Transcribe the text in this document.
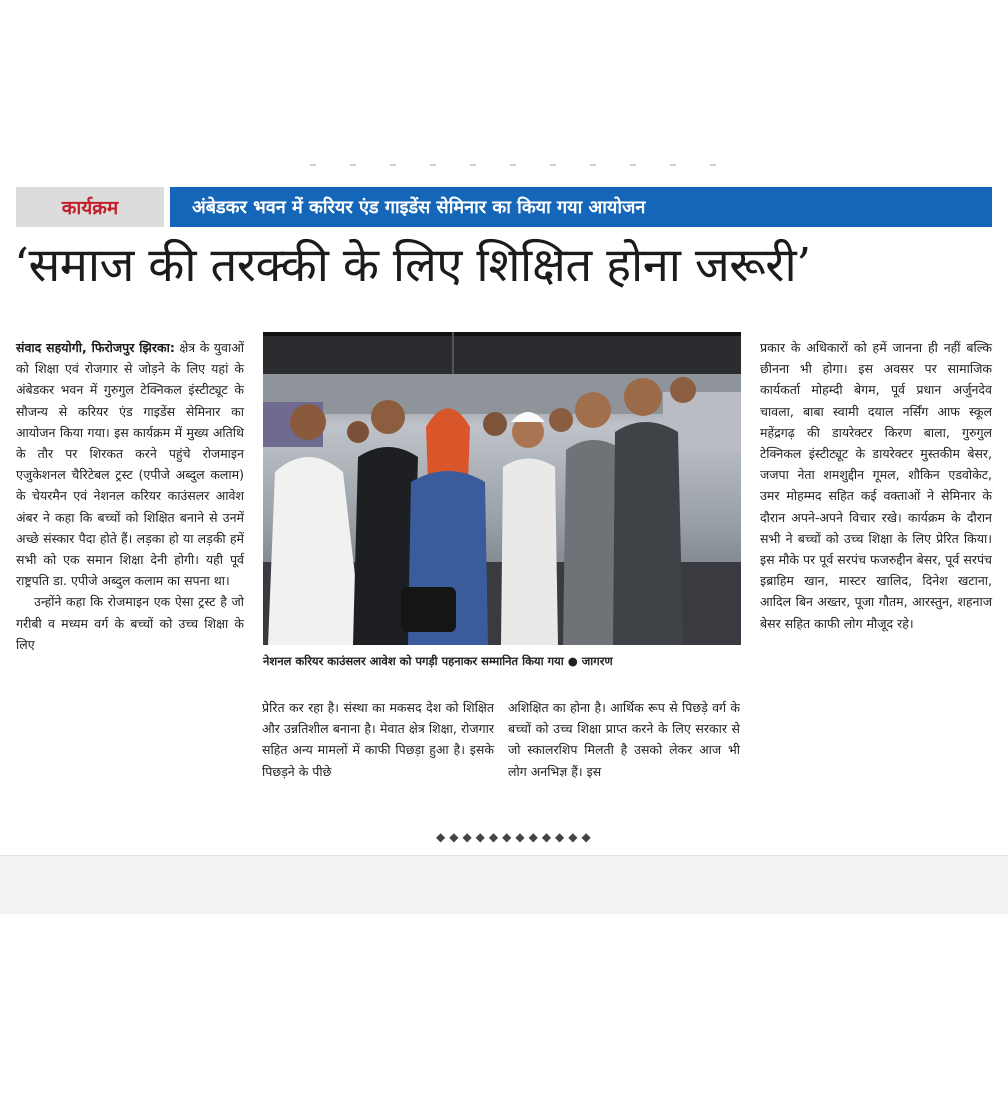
कार्यक्रम	अंबेडकर भवन में करियर एंड गाइडेंस सेमिनार का किया गया आयोजन
‘समाज की तरक्की के लिए शिक्षित होना जरूरी’

संवाद सहयोगी, फिरोजपुर झिरका: क्षेत्र के युवाओं को शिक्षा एवं रोजगार से जोड़ने के लिए यहां के अंबेडकर भवन में गुरुगुल टेक्निकल इंस्टीट्यूट के सौजन्य से करियर एंड गाइडेंस सेमिनार का आयोजन किया गया। इस कार्यक्रम में मुख्य अतिथि के तौर पर शिरकत करने पहुंचे रोजमाइन एजुकेशनल चैरिटेबल ट्रस्ट (एपीजे अब्दुल कलाम) के चेयरमैन एवं नेशनल करियर काउंसलर आवेश अंबर ने कहा कि बच्चों को शिक्षित बनाने से उनमें अच्छे संस्कार पैदा होते हैं। लड़का हो या लड़की हमें सभी को एक समान शिक्षा देनी होगी। यही पूर्व राष्ट्रपति डा. एपीजे अब्दुल कलाम का सपना था।

उन्होंने कहा कि रोजमाइन एक ऐसा ट्रस्ट है जो गरीबी व मध्यम वर्ग के बच्चों को उच्च शिक्षा के लिए

नेशनल करियर काउंसलर आवेश को पगड़ी पहनाकर सम्मानित किया गया ● जागरण
प्रेरित कर रहा है। संस्था का मकसद देश को शिक्षित और उन्नतिशील बनाना है। मेवात क्षेत्र शिक्षा, रोजगार सहित अन्य मामलों में काफी पिछड़ा हुआ है। इसके पिछड़ने के पीछे
अशिक्षित का होना है। आर्थिक रूप से पिछड़े वर्ग के बच्चों को उच्च शिक्षा प्राप्त करने के लिए सरकार से जो स्कालरशिप मिलती है उसको लेकर आज भी लोग अनभिज्ञ हैं। इस
प्रकार के अधिकारों को हमें जानना ही नहीं बल्कि छीनना भी होगा। इस अवसर पर सामाजिक कार्यकर्ता मोहम्दी बेगम, पूर्व प्रधान अर्जुनदेव चावला, बाबा स्वामी दयाल नर्सिंग आफ स्कूल महेंद्रगढ़ की डायरेक्टर किरण बाला, गुरुगुल टेक्निकल इंस्टीट्यूट के डायरेक्टर मुस्तकीम बेसर, जजपा नेता शमशुद्दीन गूमल, शौकिन एडवोकेट, उमर मोहम्मद सहित कई वक्ताओं ने सेमिनार के दौरान अपने-अपने विचार रखे। कार्यक्रम के दौरान सभी ने बच्चों को उच्च शिक्षा के लिए प्रेरित किया। इस मौके पर पूर्व सरपंच फजरुद्दीन बेसर, पूर्व सरपंच इब्राहिम खान, मास्टर खालिद, दिनेश खटाना, आदिल बिन अख्तर, पूजा गौतम, आरस्तुन, शहनाज बेसर सहित काफी लोग मौजूद रहे।
◆◆◆◆◆◆◆◆◆◆◆◆
